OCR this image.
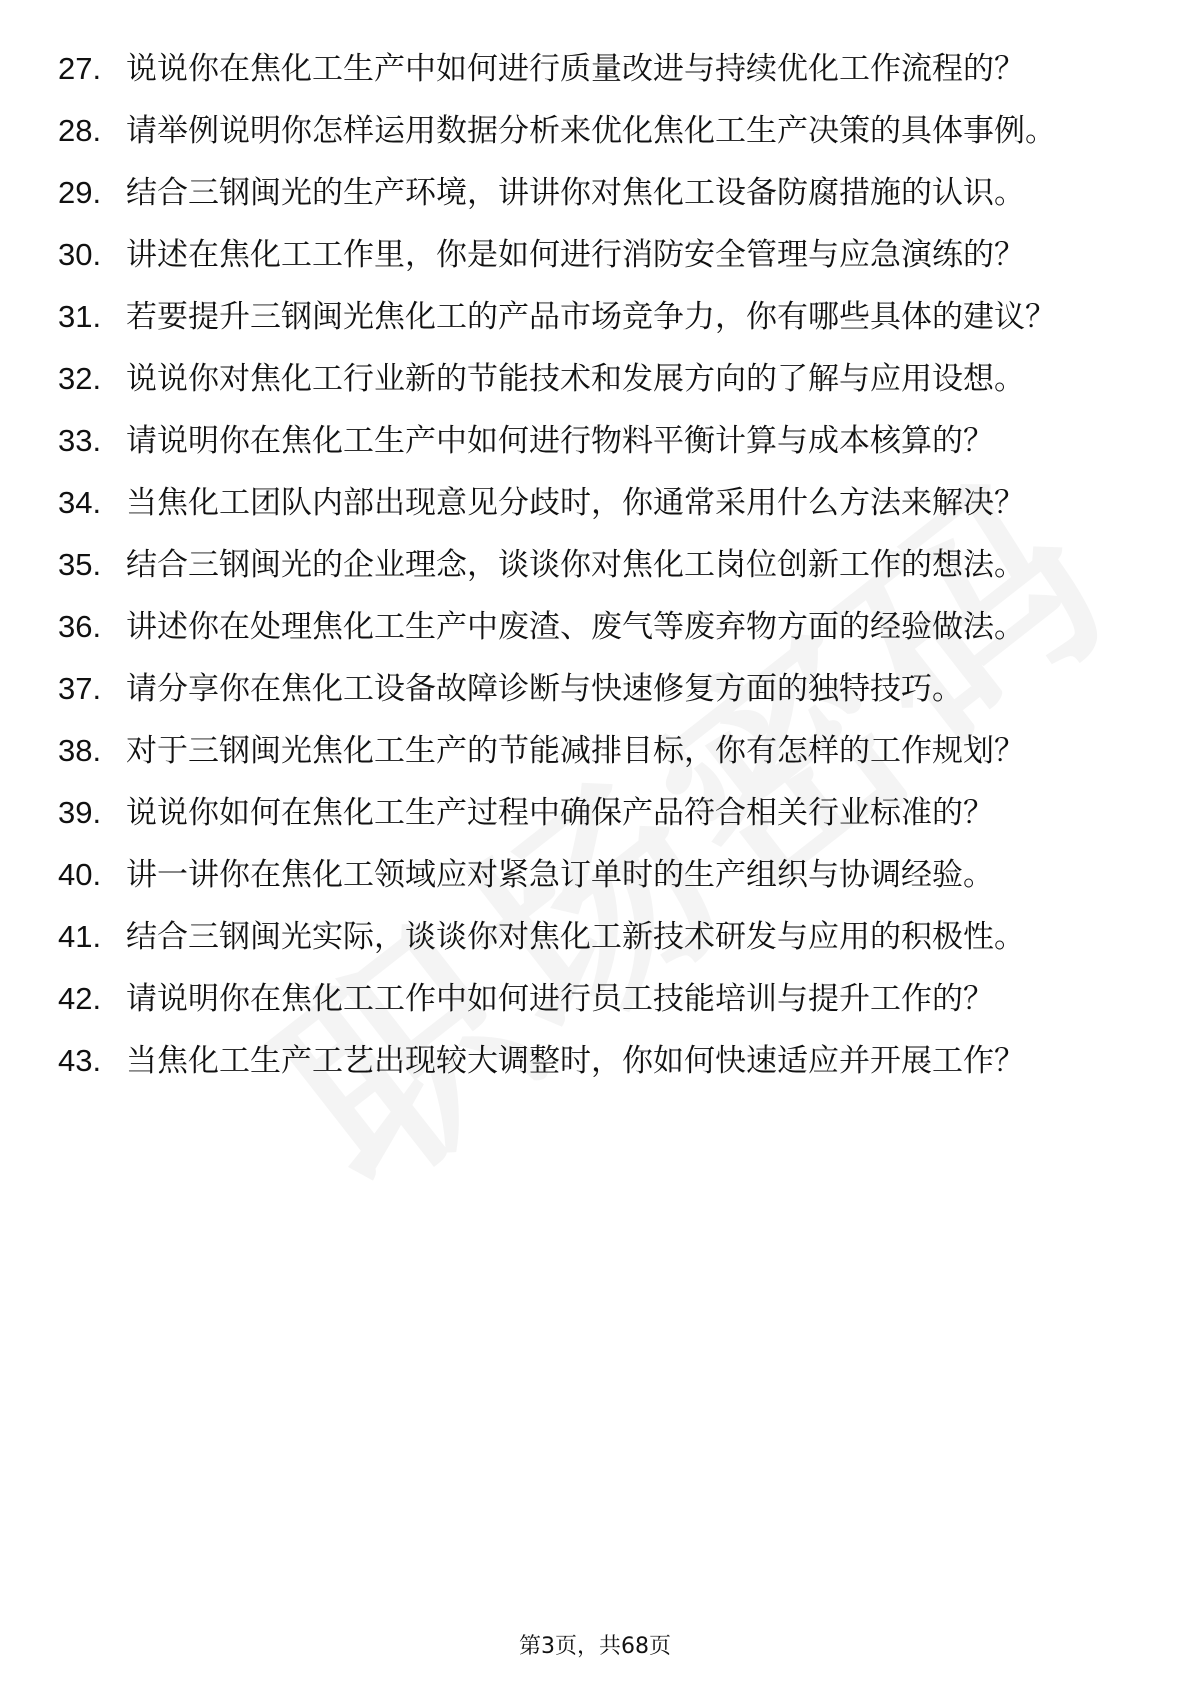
27. 说说你在焦化工生产中如何进行质量改进与持续优化工作流程的？
28. 请举例说明你怎样运用数据分析来优化焦化工生产决策的具体事例。
29. 结合三钢闽光的生产环境，讲讲你对焦化工设备防腐措施的认识。
30. 讲述在焦化工工作里，你是如何进行消防安全管理与应急演练的？
31. 若要提升三钢闽光焦化工的产品市场竞争力，你有哪些具体的建议？
32. 说说你对焦化工行业新的节能技术和发展方向的了解与应用设想。
33. 请说明你在焦化工生产中如何进行物料平衡计算与成本核算的？
34. 当焦化工团队内部出现意见分歧时，你通常采用什么方法来解决？
35. 结合三钢闽光的企业理念，谈谈你对焦化工岗位创新工作的想法。
36. 讲述你在处理焦化工生产中废渣、废气等废弃物方面的经验做法。
37. 请分享你在焦化工设备故障诊断与快速修复方面的独特技巧。
38. 对于三钢闽光焦化工生产的节能减排目标，你有怎样的工作规划？
39. 说说你如何在焦化工生产过程中确保产品符合相关行业标准的？
40. 讲一讲你在焦化工领域应对紧急订单时的生产组织与协调经验。
41. 结合三钢闽光实际，谈谈你对焦化工新技术研发与应用的积极性。
42. 请说明你在焦化工工作中如何进行员工技能培训与提升工作的？
43. 当焦化工生产工艺出现较大调整时，你如何快速适应并开展工作？
第3页，共68页
